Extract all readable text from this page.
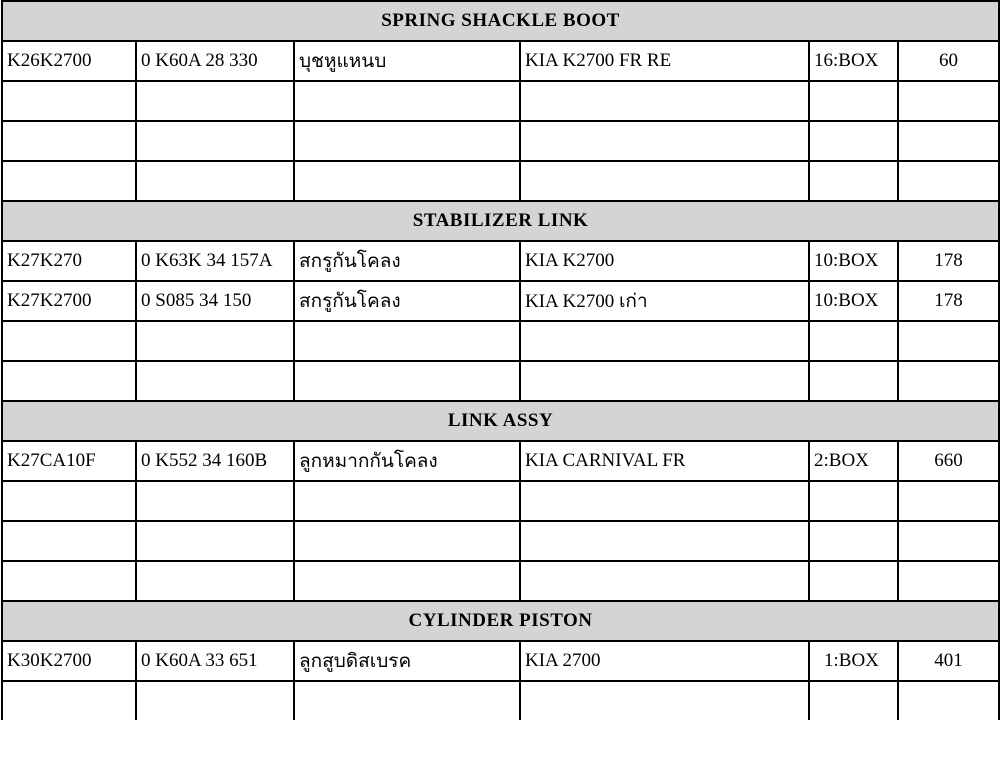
SPRING SHACKLE BOOT					
K26K2700	0 K60A 28 330	บุชหูแหนบ	KIA K2700 FR RE	16:BOX	60

STABILIZER LINK					
K27K270	0 K63K 34 157A	สกรูกันโคลง	KIA K2700	10:BOX	178
K27K2700	0 S085 34 150	สกรูกันโคลง	KIA K2700 เก่า	10:BOX	178

LINK ASSY					
K27CA10F	0 K552 34 160B	ลูกหมากกันโคลง	KIA CARNIVAL FR	2:BOX	660

CYLINDER PISTON					
K30K2700	0 K60A 33 651	ลูกสูบดิสเบรค	KIA 2700	1:BOX	401
